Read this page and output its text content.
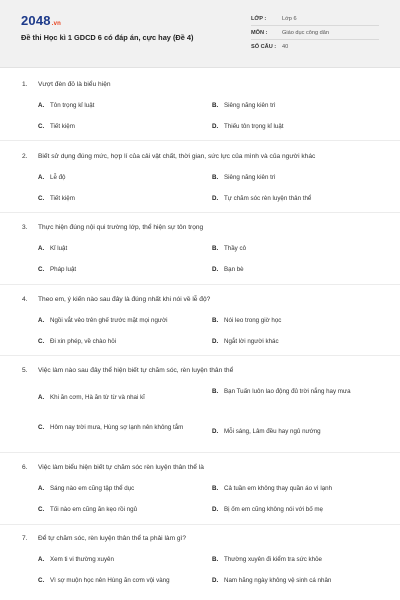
2048.vn
Đề thi Học kì 1 GDCD 6 có đáp án, cực hay (Đề 4)
LỚP :	Lớp 6
MÔN :	Giáo dục công dân
SỐ CÂU :	40
1.	Vượt đèn đỏ là biểu hiện
A. Tôn trọng kỉ luật	B. Siêng năng kiên trì
C. Tiết kiệm	D. Thiếu tôn trọng kỉ luật
2.	Biết sử dụng đúng mức, hợp lí của cải vật chất, thời gian, sức lực của mình và của người khác
A. Lễ độ	B. Siêng năng kiên trì
C. Tiết kiệm	D. Tự chăm sóc rèn luyện thân thể
3.	Thực hiện đúng nội qui trường lớp, thể hiện sự tôn trọng
A. Kỉ luật	B. Thầy cô
C. Pháp luật	D. Bạn bè
4.	Theo em, ý kiến nào sau đây là đúng nhất khi nói về lễ độ?
A. Ngồi vắt vẻo trên ghế trước mặt mọi người	B. Nói leo trong giờ học
C. Đi xin phép, về chào hỏi	D. Ngắt lời người khác
5.	Việc làm nào sau đây thể hiện biết tự chăm sóc, rèn luyện thân thể
A. Khi ăn cơm, Hà ăn từ từ và nhai kĩ
B. Bạn Tuấn luôn lao động đủ trời nắng hay mưa
C. Hôm nay trời mưa, Hùng sợ lạnh nên không tắm
D. Mỗi sáng, Lâm đều hay ngủ nướng
6.	Việc làm biểu hiện biết tự chăm sóc rèn luyện thân thể là
A. Sáng nào em cũng tập thể dục	B. Cả tuần em không thay quần áo vì lạnh
C. Tối nào em cũng ăn kẹo rồi ngủ	D. Bị ốm em cũng không nói với bố mẹ
7.	Để tự chăm sóc, rèn luyện thân thể ta phải làm gì?
A. Xem ti vi thường xuyên	B. Thường xuyên đi kiểm tra sức khỏe
C. Vì sợ muộn học nên Hùng ăn cơm vội vàng	D. Nam hăng ngày không vệ sinh cá nhân
